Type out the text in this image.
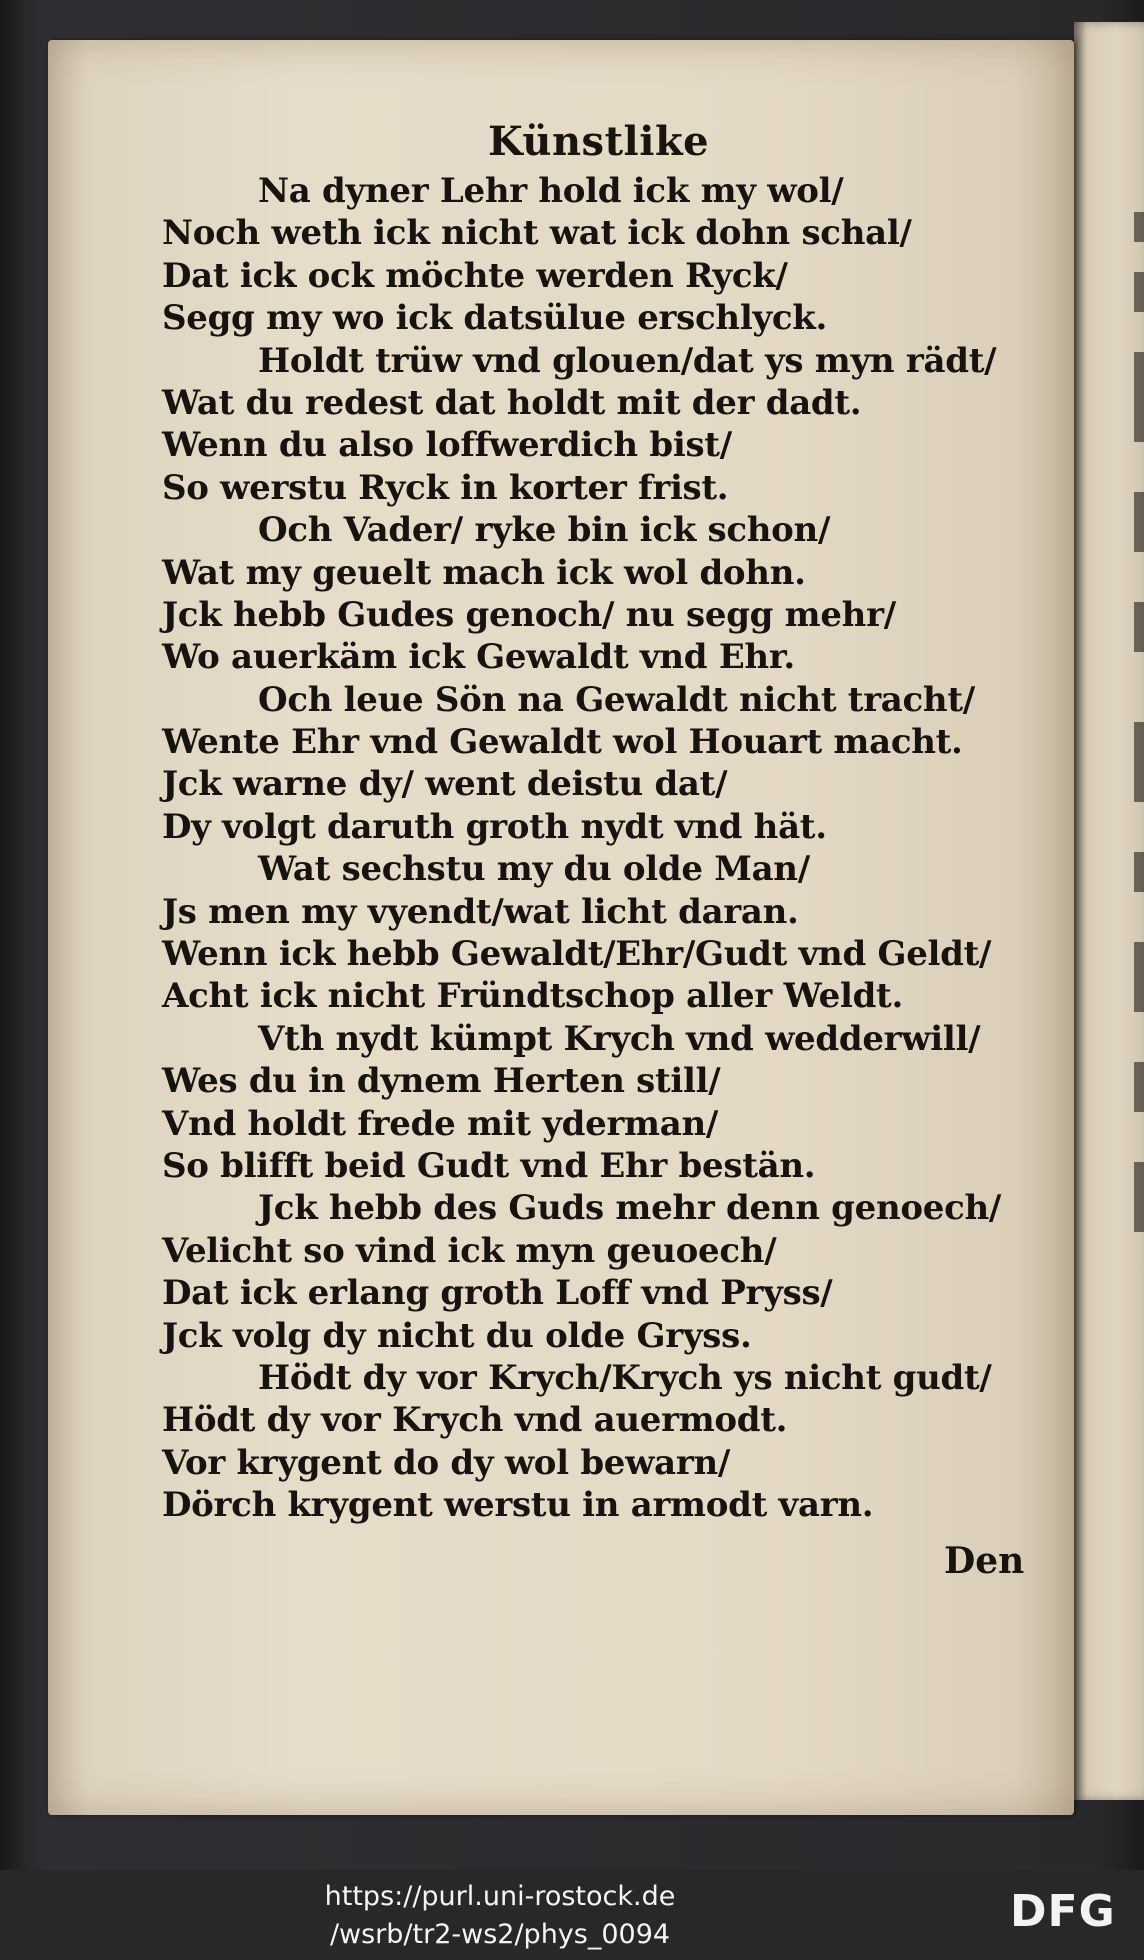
Künstlike
Na dyner Lehr hold ick my wol/
Noch weth ick nicht wat ick dohn schal/
Dat ick ock möchte werden Ryck/
Segg my wo ick datsülue erschlyck.
Holdt trüw vnd glouen/dat ys myn rädt/
Wat du redest dat holdt mit der dadt.
Wenn du also loffwerdich bist/
So werstu Ryck in korter frist.
Och Vader/ ryke bin ick schon/
Wat my geuelt mach ick wol dohn.
Jck hebb Gudes genoch/ nu segg mehr/
Wo auerkäm ick Gewaldt vnd Ehr.
Och leue Sön na Gewaldt nicht tracht/
Wente Ehr vnd Gewaldt wol Houart macht.
Jck warne dy/ went deistu dat/
Dy volgt daruth groth nydt vnd hät.
Wat sechstu my du olde Man/
Js men my vyendt/wat licht daran.
Wenn ick hebb Gewaldt/Ehr/Gudt vnd Geldt/
Acht ick nicht Fründtschop aller Weldt.
Vth nydt kümpt Krych vnd wedderwill/
Wes du in dynem Herten still/
Vnd holdt frede mit yderman/
So blifft beid Gudt vnd Ehr bestän.
Jck hebb des Guds mehr denn genoech/
Velicht so vind ick myn geuoech/
Dat ick erlang groth Loff vnd Pryss/
Jck volg dy nicht du olde Gryss.
Hödt dy vor Krych/Krych ys nicht gudt/
Hödt dy vor Krych vnd auermodt.
Vor krygent do dy wol bewarn/
Dörch krygent werstu in armodt varn.
Den
https://purl.uni-rostock.de
/wsrb/tr2-ws2/phys_0094	DFG
